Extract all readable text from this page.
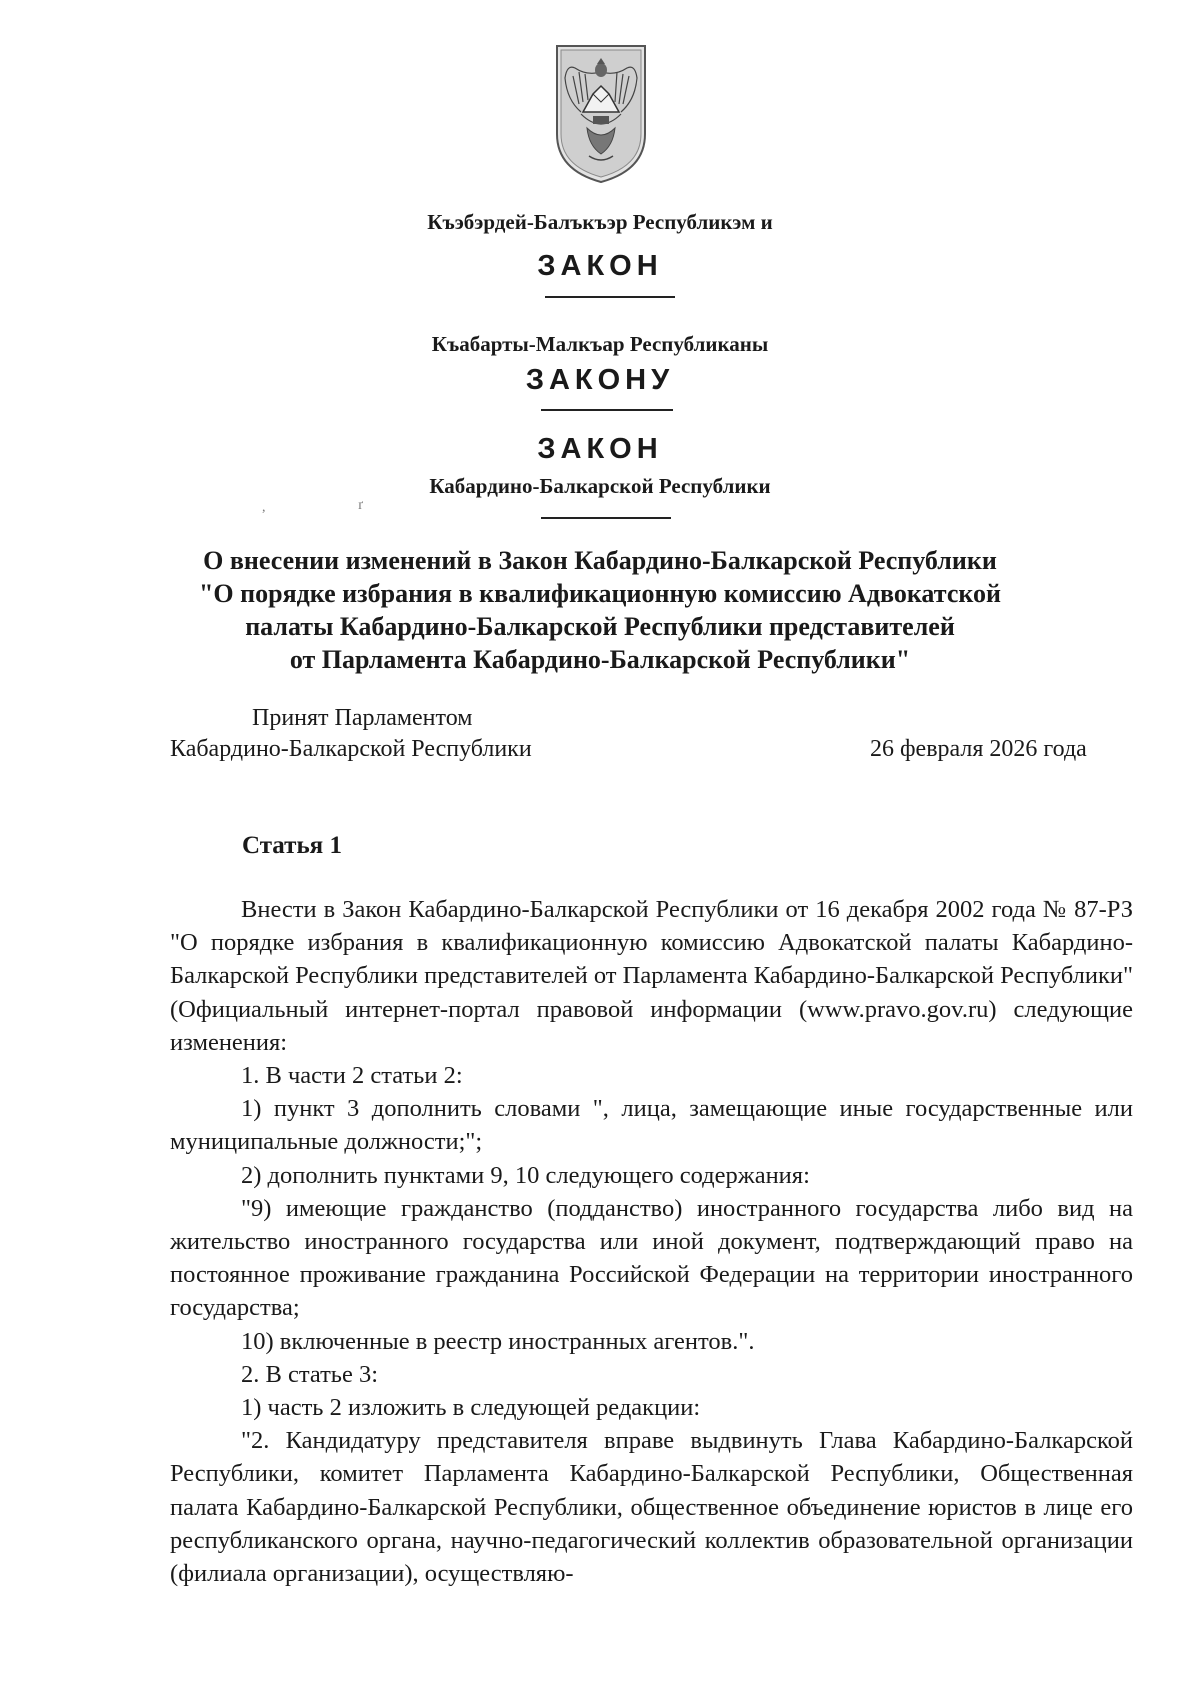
Къэбэрдей-Балъкъэр Республикэм и
ЗАКОН
Къабарты-Малкъар Республиканы
ЗАКОНУ
ЗАКОН
Кабардино-Балкарской Республики
,	ґ
О внесении изменений в Закон Кабардино-Балкарской Республики
"О порядке избрания в квалификационную комиссию Адвокатской
палаты Кабардино-Балкарской Республики представителей
от Парламента Кабардино-Балкарской Республики"
Принят Парламентом
Кабардино-Балкарской Республики	26 февраля 2026 года
Статья 1

Внести в Закон Кабардино-Балкарской Республики от 16 декабря 2002 года № 87-РЗ "О порядке избрания в квалификационную комиссию Адвокатской палаты Кабардино-Балкарской Республики представителей от Парламента Кабардино-Балкарской Республики" (Официальный интернет-портал правовой информации (www.pravo.gov.ru) следующие изменения:

1. В части 2 статьи 2:

1) пункт 3 дополнить словами ", лица, замещающие иные государственные или муниципальные должности;";

2) дополнить пунктами 9, 10 следующего содержания:

"9) имеющие гражданство (подданство) иностранного государства либо вид на жительство иностранного государства или иной документ, подтверждающий право на постоянное проживание гражданина Российской Федерации на территории иностранного государства;

10) включенные в реестр иностранных агентов.".

2. В статье 3:

1) часть 2 изложить в следующей редакции:

"2. Кандидатуру представителя вправе выдвинуть Глава Кабардино-Балкарской Республики, комитет Парламента Кабардино-Балкарской Республики, Общественная палата Кабардино-Балкарской Республики, общественное объединение юристов в лице его республиканского органа, научно-педагогический коллектив образовательной организации (филиала организации), осуществляю-
